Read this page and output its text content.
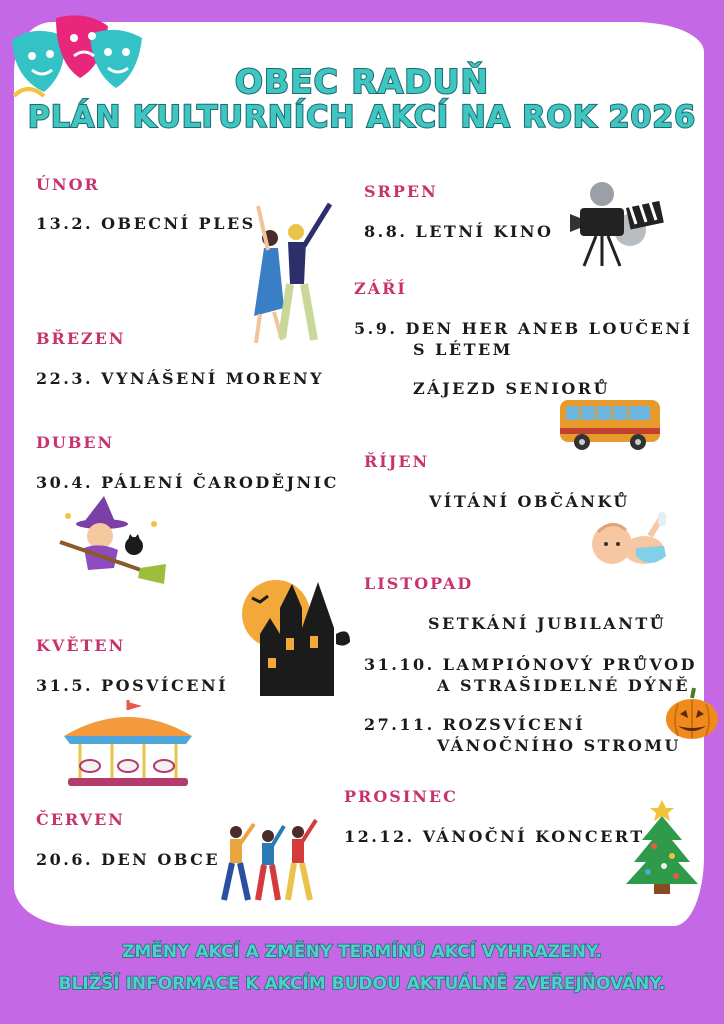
OBEC RADUŇ
PLÁN KULTURNÍCH AKCÍ NA ROK 2026
ÚNOR
13.2. OBECNÍ PLES
BŘEZEN
22.3. VYNÁŠENÍ MORENY
DUBEN
30.4. PÁLENÍ ČARODĚJNIC
KVĚTEN
31.5. POSVÍCENÍ
ČERVEN
20.6. DEN OBCE
SRPEN
8.8. LETNÍ KINO
ZÁŘÍ
5.9. DEN HER ANEB LOUČENÍ
S LÉTEM
ZÁJEZD SENIORŮ
ŘÍJEN
VÍTÁNÍ OBČÁNKŮ
LISTOPAD
SETKÁNÍ JUBILANTŮ
31.10. LAMPIÓNOVÝ PRŮVOD
A STRAŠIDELNÉ DÝNĚ
27.11. ROZSVÍCENÍ
VÁNOČNÍHO STROMU
PROSINEC
12.12. VÁNOČNÍ KONCERT
ZMĚNY AKCÍ A ZMĚNY TERMÍNŮ AKCÍ VYHRAZENY.
BLIŽŠÍ INFORMACE K AKCÍM BUDOU AKTUÁLNĚ ZVEŘEJŇOVÁNY.
